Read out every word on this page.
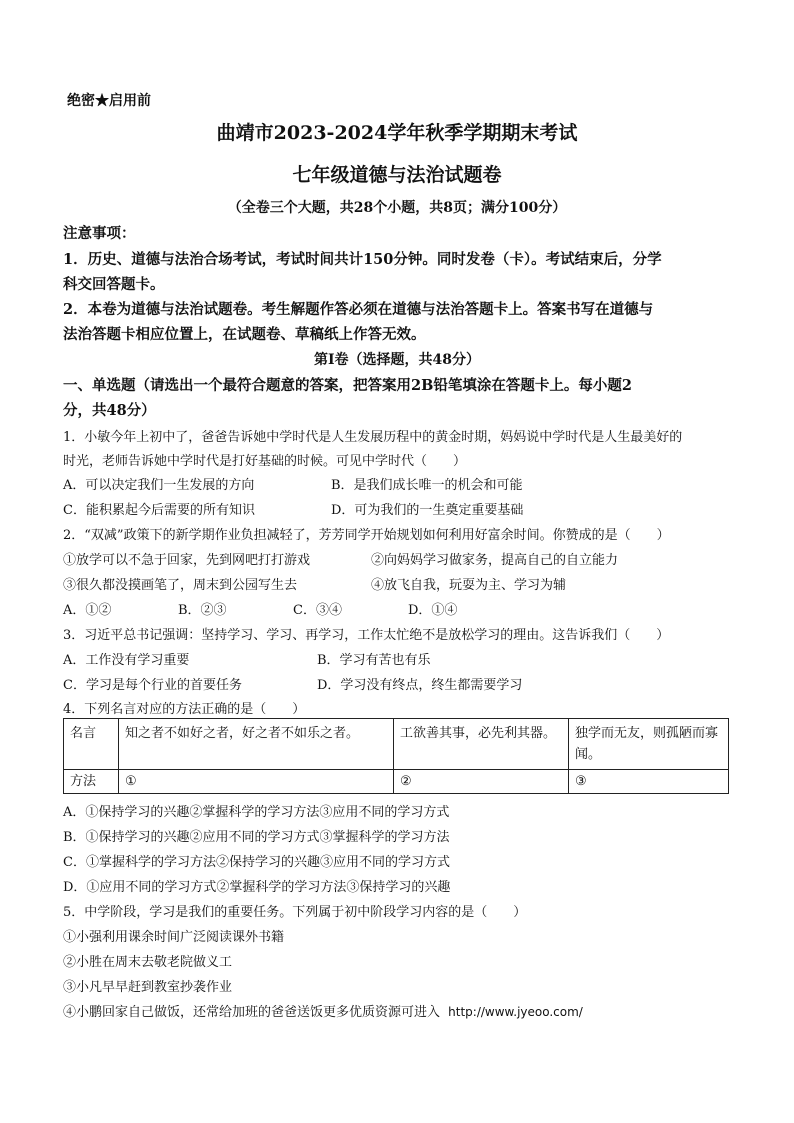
绝密★启用前
曲靖市2023-2024学年秋季学期期末考试
七年级道德与法治试题卷
（全卷三个大题，共28个小题，共8页；满分100分）
注意事项：
1．历史、道德与法治合场考试，考试时间共计150分钟。同时发卷（卡）。考试结束后，分学
科交回答题卡。
2．本卷为道德与法治试题卷。考生解题作答必须在道德与法治答题卡上。答案书写在道德与
法治答题卡相应位置上，在试题卷、草稿纸上作答无效。
第Ⅰ卷（选择题，共48分）
一、单选题（请选出一个最符合题意的答案，把答案用2B铅笔填涂在答题卡上。每小题2
分，共48分）
1．小敏今年上初中了，爸爸告诉她中学时代是人生发展历程中的黄金时期，妈妈说中学时代是人生最美好的
时光，老师告诉她中学时代是打好基础的时候。可见中学时代（　　）
A．可以决定我们一生发展的方向	B．是我们成长唯一的机会和可能
C．能积累起今后需要的所有知识	D．可为我们的一生奠定重要基础
2．“双减”政策下的新学期作业负担减轻了，芳芳同学开始规划如何利用好富余时间。你赞成的是（　　）
①放学可以不急于回家，先到网吧打打游戏	②向妈妈学习做家务，提高自己的自立能力
③很久都没摸画笔了，周末到公园写生去	④放飞自我，玩耍为主、学习为辅
A．①②	B．②③	C．③④	D．①④
3．习近平总书记强调：坚持学习、学习、再学习，工作太忙绝不是放松学习的理由。这告诉我们（　　）
A．工作没有学习重要	B．学习有苦也有乐
C．学习是每个行业的首要任务	D．学习没有终点，终生都需要学习
4．下列名言对应的方法正确的是（　　）
名言	知之者不如好之者，好之者不如乐之者。	工欲善其事，必先利其器。	独学而无友，则孤陋而寡
闻。

方法	①	②	③
A．①保持学习的兴趣②掌握科学的学习方法③应用不同的学习方式
B．①保持学习的兴趣②应用不同的学习方式③掌握科学的学习方法
C．①掌握科学的学习方法②保持学习的兴趣③应用不同的学习方式
D．①应用不同的学习方式②掌握科学的学习方法③保持学习的兴趣
5．中学阶段，学习是我们的重要任务。下列属于初中阶段学习内容的是（　　）
①小强利用课余时间广泛阅读课外书籍
②小胜在周末去敬老院做义工
③小凡早早赶到教室抄袭作业
④小鹏回家自己做饭，还常给加班的爸爸送饭更多优质资源可进入 http://www.jyeoo.com/
